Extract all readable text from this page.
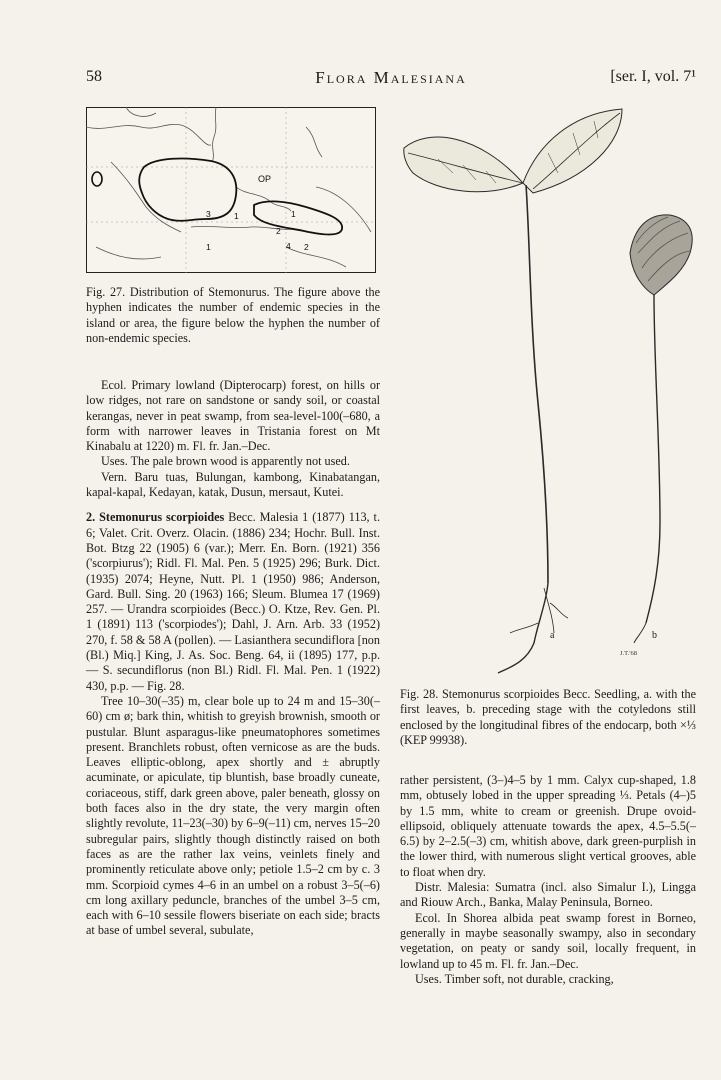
58	Flora Malesiana	[ser. I, vol. 7¹
OP
3	1	1
1
2
4 2
Fig. 27. Distribution of Stemonurus. The figure above the hyphen indicates the number of endemic species in the island or area, the figure below the hyphen the number of non-endemic species.

Ecol. Primary lowland (Dipterocarp) forest, on hills or low ridges, not rare on sandstone or sandy soil, or coastal kerangas, never in peat swamp, from sea-level-100(–680, a form with narrower leaves in Tristania forest on Mt Kinabalu at 1220) m. Fl. fr. Jan.–Dec.

Uses. The pale brown wood is apparently not used.

Vern. Baru tuas, Bulungan, kambong, Kinabatangan, kapal-kapal, Kedayan, katak, Dusun, mersaut, Kutei.

2. Stemonurus scorpioides Becc. Malesia 1 (1877) 113, t. 6; Valet. Crit. Overz. Olacin. (1886) 234; Hochr. Bull. Inst. Bot. Btzg 22 (1905) 6 (var.); Merr. En. Born. (1921) 356 ('scorpiurus'); Ridl. Fl. Mal. Pen. 5 (1925) 296; Burk. Dict. (1935) 2074; Heyne, Nutt. Pl. 1 (1950) 986; Anderson, Gard. Bull. Sing. 20 (1963) 166; Sleum. Blumea 17 (1969) 257. — Urandra scorpioides (Becc.) O. Ktze, Rev. Gen. Pl. 1 (1891) 113 ('scorpiodes'); Dahl, J. Arn. Arb. 33 (1952) 270, f. 58 & 58 A (pollen). — Lasianthera secundiflora [non (Bl.) Miq.] King, J. As. Soc. Beng. 64, ii (1895) 177, p.p. — S. secundiflorus (non Bl.) Ridl. Fl. Mal. Pen. 1 (1922) 430, p.p. — Fig. 28.

Tree 10–30(–35) m, clear bole up to 24 m and 15–30(–60) cm ø; bark thin, whitish to greyish brownish, smooth or pustular. Blunt asparagus-like pneumatophores sometimes present. Branchlets robust, often vernicose as are the buds. Leaves elliptic-oblong, apex shortly and ± abruptly acuminate, or apiculate, tip bluntish, base broadly cuneate, coriaceous, stiff, dark green above, paler beneath, glossy on both faces also in the dry state, the very margin often slightly revolute, 11–23(–30) by 6–9(–11) cm, nerves 15–20 subregular pairs, slightly though distinctly raised on both faces as are the rather lax veins, veinlets finely and prominently reticulate above only; petiole 1.5–2 cm by c. 3 mm. Scorpioid cymes 4–6 in an umbel on a robust 3–5(–6) cm long axillary peduncle, branches of the umbel 3–5 cm, each with 6–10 sessile flowers biseriate on each side; bracts at base of umbel several, subulate,

a	b
J.T.'68
Fig. 28. Stemonurus scorpioides Becc. Seedling, a. with the first leaves, b. preceding stage with the cotyledons still enclosed by the longitudinal fibres of the endocarp, both ×⅓ (KEP 99938).

rather persistent, (3–)4–5 by 1 mm. Calyx cup-shaped, 1.8 mm, obtusely lobed in the upper spreading ⅓. Petals (4–)5 by 1.5 mm, white to cream or greenish. Drupe ovoid-ellipsoid, obliquely attenuate towards the apex, 4.5–5.5(–6.5) by 2–2.5(–3) cm, whitish above, dark green-purplish in the lower third, with numerous slight vertical grooves, able to float when dry.

Distr. Malesia: Sumatra (incl. also Simalur I.), Lingga and Riouw Arch., Banka, Malay Peninsula, Borneo.

Ecol. In Shorea albida peat swamp forest in Borneo, generally in maybe seasonally swampy, also in secondary vegetation, on peaty or sandy soil, locally frequent, in lowland up to 45 m. Fl. fr. Jan.–Dec.

Uses. Timber soft, not durable, cracking,
